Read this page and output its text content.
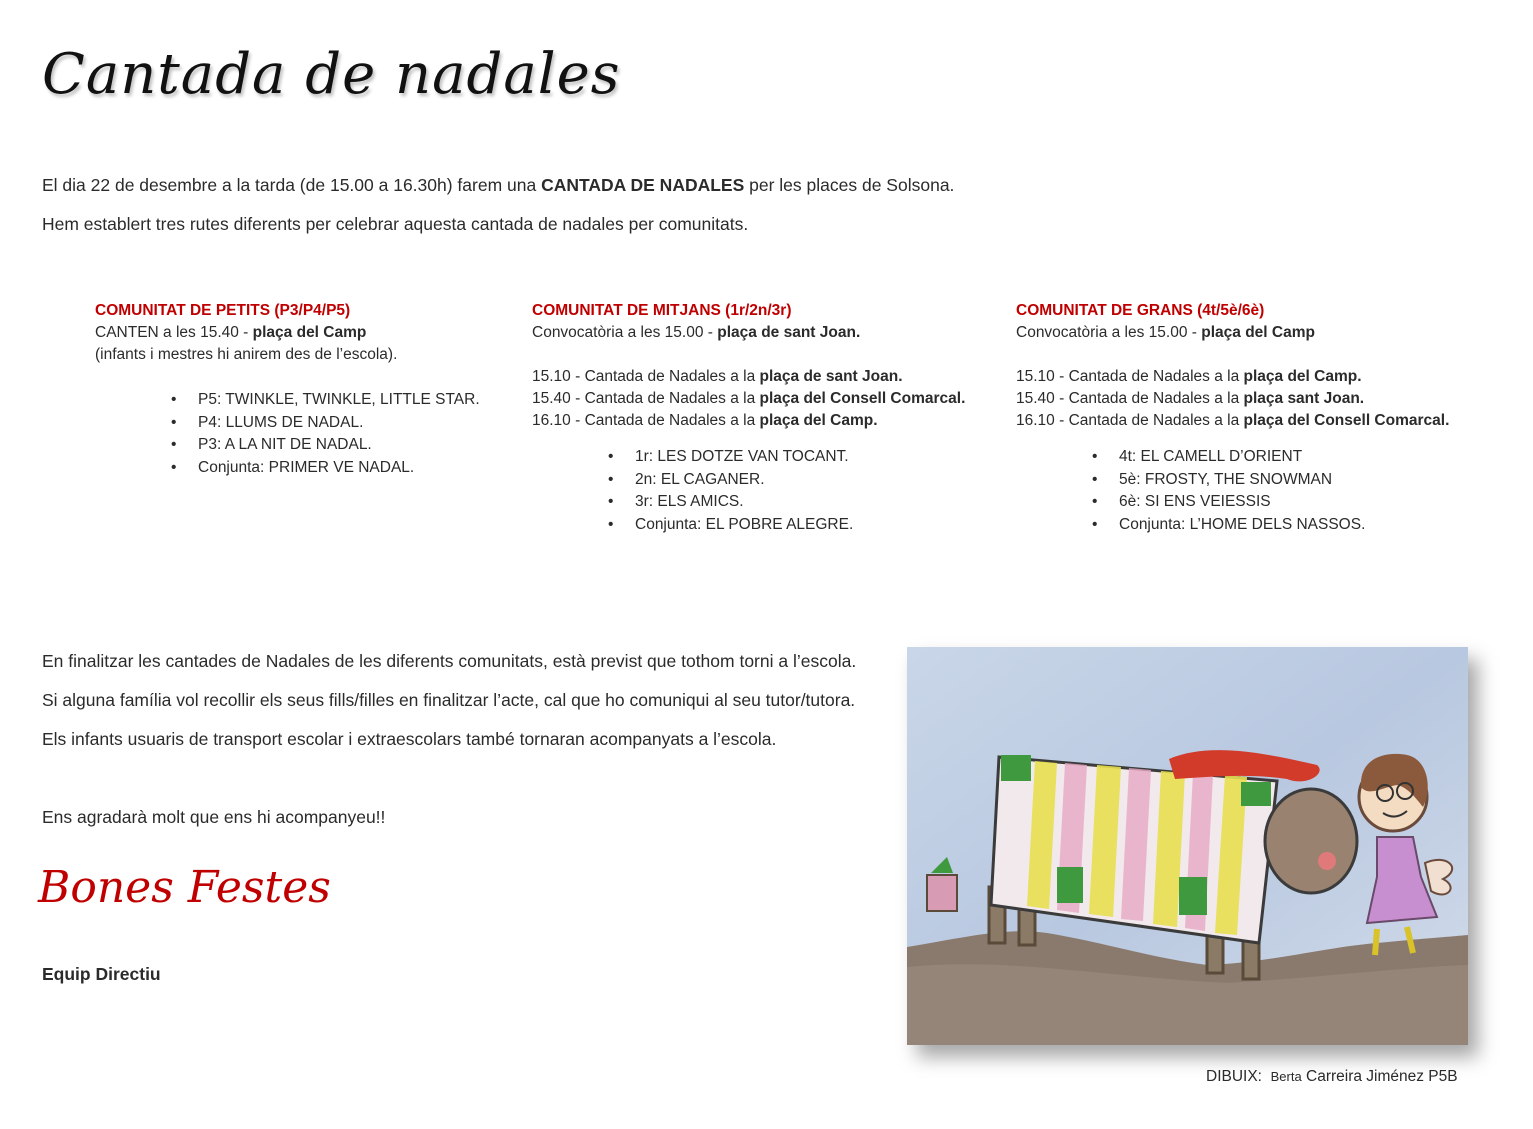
Cantada de nadales

El dia 22 de desembre a la tarda (de 15.00 a 16.30h) farem una CANTADA DE NADALES per les places de Solsona.

Hem establert tres rutes diferents per celebrar aquesta cantada de nadales per comunitats.

COMUNITAT DE PETITS (P3/P4/P5)
CANTEN a les 15.40 - plaça del Camp
(infants i mestres hi anirem des de l’escola).
• P5: TWINKLE, TWINKLE, LITTLE STAR.
• P4: LLUMS DE NADAL.
• P3: A LA NIT DE NADAL.
• Conjunta: PRIMER VE NADAL.
COMUNITAT DE MITJANS (1r/2n/3r)
Convocatòria a les 15.00 - plaça de sant Joan.
15.10 - Cantada de Nadales a la plaça de sant Joan.
15.40 - Cantada de Nadales a la plaça del Consell Comarcal.
16.10 - Cantada de Nadales a la plaça del Camp.
• 1r: LES DOTZE VAN TOCANT.
• 2n: EL CAGANER.
• 3r: ELS AMICS.
• Conjunta: EL POBRE ALEGRE.
COMUNITAT DE GRANS (4t/5è/6è)
Convocatòria a les 15.00 - plaça del Camp
15.10 - Cantada de Nadales a la plaça del Camp.
15.40 - Cantada de Nadales a la plaça sant Joan.
16.10 - Cantada de Nadales a la plaça del Consell Comarcal.
• 4t: EL CAMELL D’ORIENT
• 5è: FROSTY, THE SNOWMAN
• 6è: SI ENS VEIESSIS
• Conjunta: L’HOME DELS NASSOS.

En finalitzar les cantades de Nadales de les diferents comunitats, està previst que tothom torni a l’escola.

Si alguna família vol recollir els seus fills/filles en finalitzar l’acte, cal que ho comuniqui al seu tutor/tutora.

Els infants usuaris de transport escolar i extraescolars també tornaran acompanyats a l’escola.

Ens agradarà molt que ens hi acompanyeu!!

Bones Festes

Equip Directiu

DIBUIX: Berta Carreira Jiménez P5B
